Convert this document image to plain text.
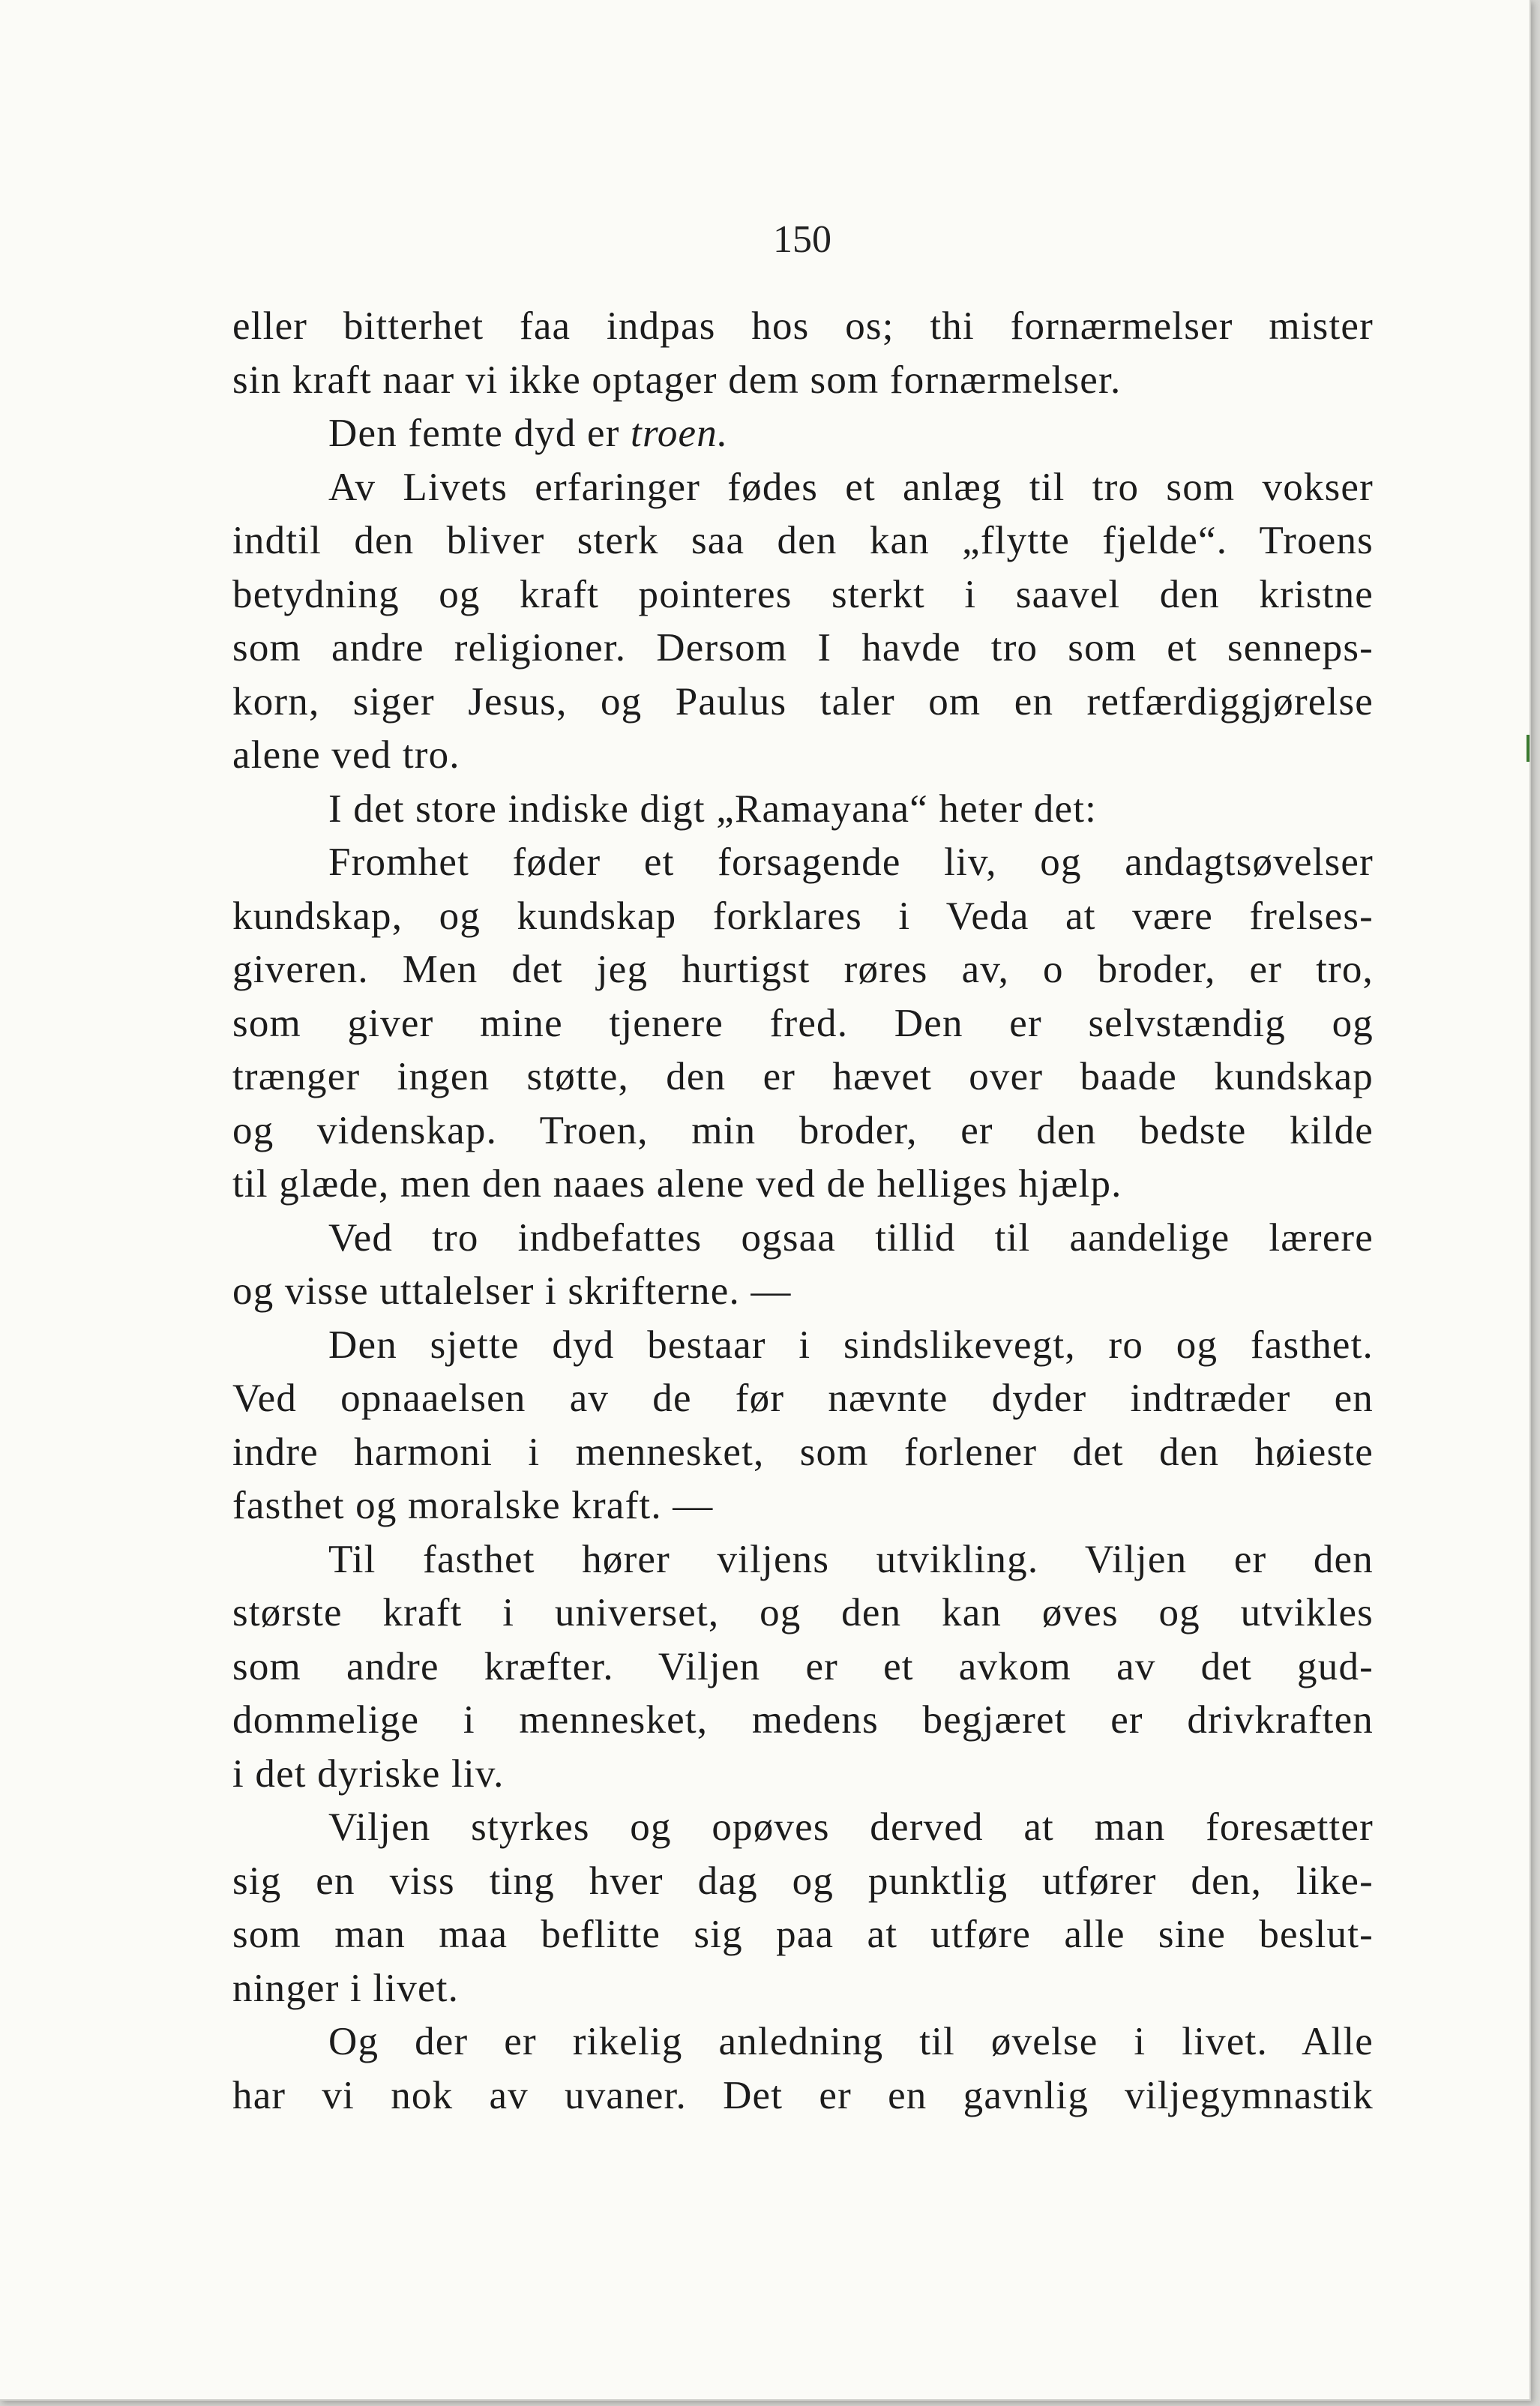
150
eller bitterhet faa indpas hos os; thi fornærmelser mister
sin kraft naar vi ikke optager dem som fornærmelser.
Den femte dyd er troen.
Av Livets erfaringer fødes et anlæg til tro som vokser
indtil den bliver sterk saa den kan „flytte fjelde“. Troens
betydning og kraft pointeres sterkt i saavel den kristne
som andre religioner. Dersom I havde tro som et senneps-
korn, siger Jesus, og Paulus taler om en retfærdiggjørelse
alene ved tro.
I det store indiske digt „Ramayana“ heter det:
Fromhet føder et forsagende liv, og andagtsøvelser
kundskap, og kundskap forklares i Veda at være frelses-
giveren. Men det jeg hurtigst røres av, o broder, er tro,
som giver mine tjenere fred. Den er selvstændig og
trænger ingen støtte, den er hævet over baade kundskap
og videnskap. Troen, min broder, er den bedste kilde
til glæde, men den naaes alene ved de helliges hjælp.
Ved tro indbefattes ogsaa tillid til aandelige lærere
og visse uttalelser i skrifterne. —
Den sjette dyd bestaar i sindslikevegt, ro og fasthet.
Ved opnaaelsen av de før nævnte dyder indtræder en
indre harmoni i mennesket, som forlener det den høieste
fasthet og moralske kraft. —
Til fasthet hører viljens utvikling. Viljen er den
største kraft i universet, og den kan øves og utvikles
som andre kræfter. Viljen er et avkom av det gud-
dommelige i mennesket, medens begjæret er drivkraften
i det dyriske liv.
Viljen styrkes og opøves derved at man foresætter
sig en viss ting hver dag og punktlig utfører den, like-
som man maa beflitte sig paa at utføre alle sine beslut-
ninger i livet.
Og der er rikelig anledning til øvelse i livet. Alle
har vi nok av uvaner. Det er en gavnlig viljegymnastik
